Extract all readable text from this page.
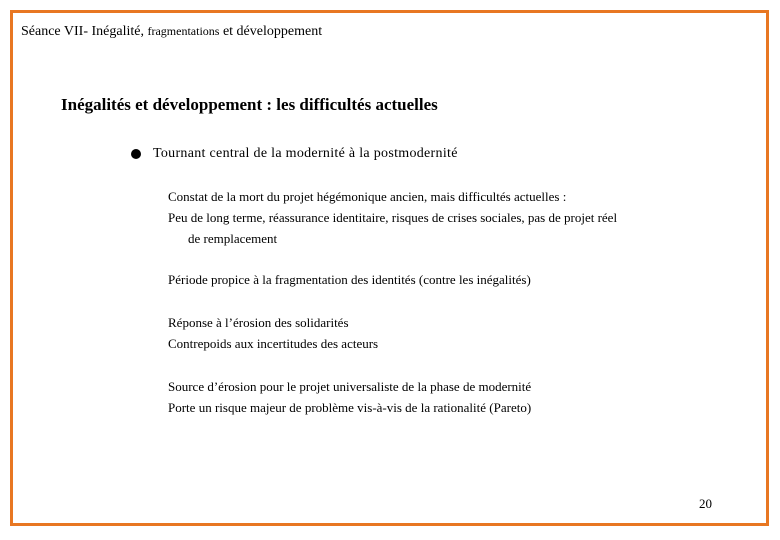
Séance VII- Inégalité, fragmentations et développement
Inégalités et développement : les difficultés actuelles
Tournant central de la modernité à la postmodernité
Constat de la mort du projet hégémonique ancien, mais difficultés actuelles :
Peu de long terme, réassurance identitaire, risques de crises sociales, pas de projet réel
de remplacement
Période propice à la fragmentation des identités (contre les inégalités)
Réponse à l’érosion des solidarités
Contrepoids aux incertitudes des acteurs
Source d’érosion pour le projet universaliste de la phase de modernité
Porte un risque majeur de problème vis-à-vis de la rationalité (Pareto)
20
